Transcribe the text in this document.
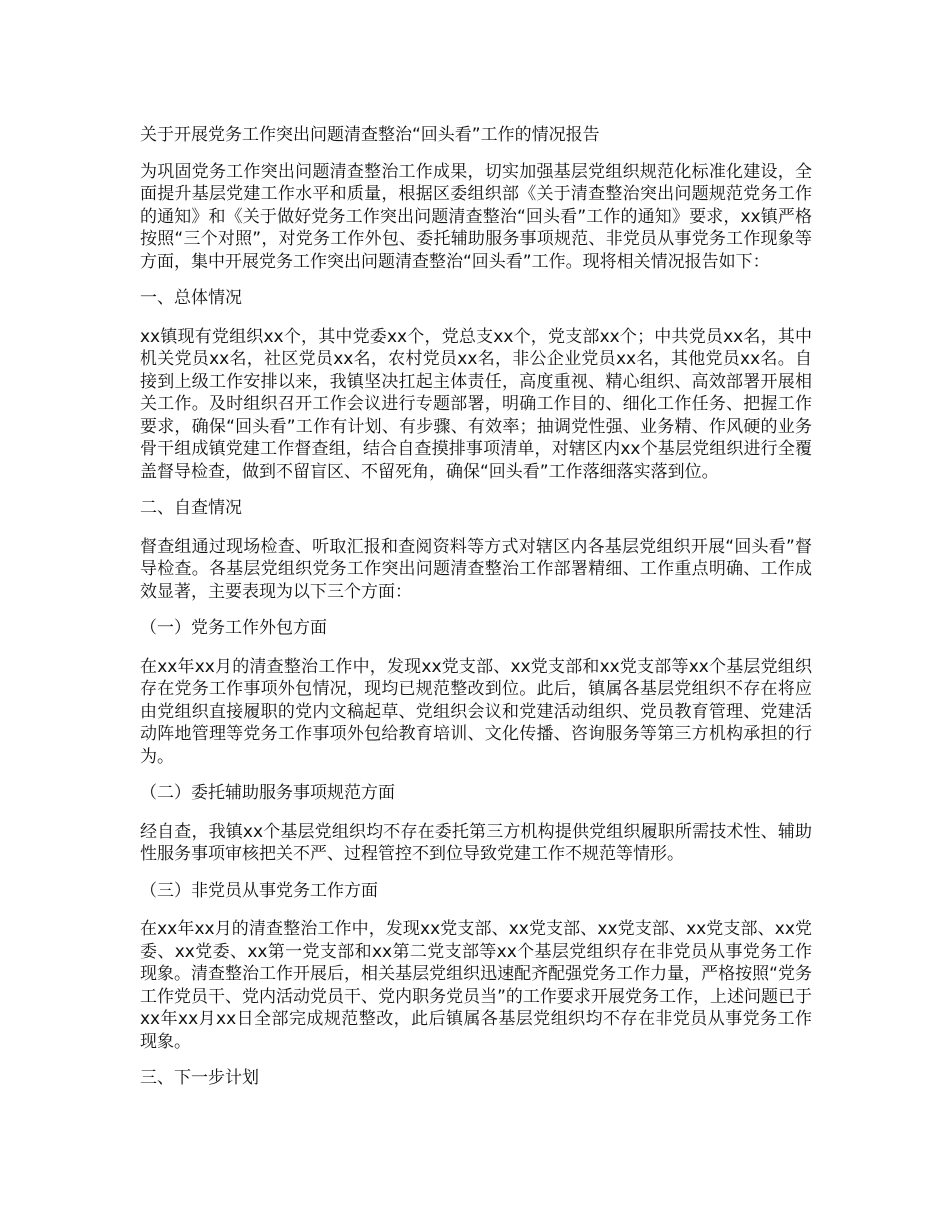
关于开展党务工作突出问题清查整治“回头看”工作的情况报告

为巩固党务工作突出问题清查整治工作成果，切实加强基层党组织规范化标准化建设，全面提升基层党建工作水平和质量，根据区委组织部《关于清查整治突出问题规范党务工作的通知》和《关于做好党务工作突出问题清查整治“回头看”工作的通知》要求，xx镇严格按照“三个对照”，对党务工作外包、委托辅助服务事项规范、非党员从事党务工作现象等方面，集中开展党务工作突出问题清查整治“回头看”工作。现将相关情况报告如下：

一、总体情况

xx镇现有党组织xx个，其中党委xx个，党总支xx个，党支部xx个；中共党员xx名，其中机关党员xx名，社区党员xx名，农村党员xx名，非公企业党员xx名，其他党员xx名。自接到上级工作安排以来，我镇坚决扛起主体责任，高度重视、精心组织、高效部署开展相关工作。及时组织召开工作会议进行专题部署，明确工作目的、细化工作任务、把握工作要求，确保“回头看”工作有计划、有步骤、有效率；抽调党性强、业务精、作风硬的业务骨干组成镇党建工作督查组，结合自查摸排事项清单，对辖区内xx个基层党组织进行全覆盖督导检查，做到不留盲区、不留死角，确保“回头看”工作落细落实落到位。

二、自查情况

督查组通过现场检查、听取汇报和查阅资料等方式对辖区内各基层党组织开展“回头看”督导检查。各基层党组织党务工作突出问题清查整治工作部署精细、工作重点明确、工作成效显著，主要表现为以下三个方面：

（一）党务工作外包方面

在xx年xx月的清查整治工作中，发现xx党支部、xx党支部和xx党支部等xx个基层党组织存在党务工作事项外包情况，现均已规范整改到位。此后，镇属各基层党组织不存在将应由党组织直接履职的党内文稿起草、党组织会议和党建活动组织、党员教育管理、党建活动阵地管理等党务工作事项外包给教育培训、文化传播、咨询服务等第三方机构承担的行为。

（二）委托辅助服务事项规范方面

经自查，我镇xx个基层党组织均不存在委托第三方机构提供党组织履职所需技术性、辅助性服务事项审核把关不严、过程管控不到位导致党建工作不规范等情形。

（三）非党员从事党务工作方面

在xx年xx月的清查整治工作中，发现xx党支部、xx党支部、xx党支部、xx党支部、xx党委、xx党委、xx第一党支部和xx第二党支部等xx个基层党组织存在非党员从事党务工作现象。清查整治工作开展后，相关基层党组织迅速配齐配强党务工作力量，严格按照“党务工作党员干、党内活动党员干、党内职务党员当”的工作要求开展党务工作，上述问题已于xx年xx月xx日全部完成规范整改，此后镇属各基层党组织均不存在非党员从事党务工作现象。

三、下一步计划
